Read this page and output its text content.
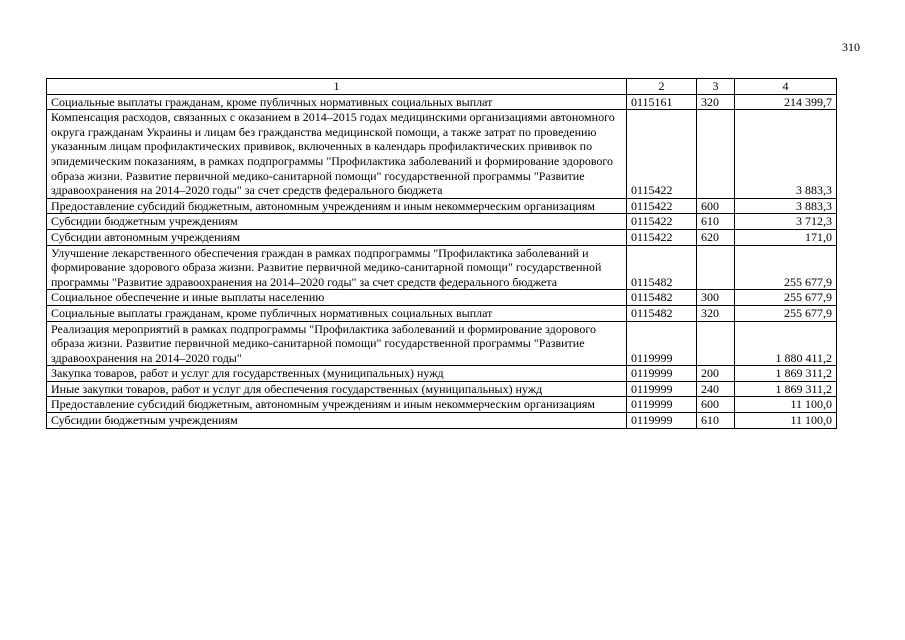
310
1	2	3	4
Социальные выплаты гражданам, кроме публичных нормативных социальных выплат	0115161	320	214 399,7
Компенсация расходов, связанных с оказанием в 2014–2015 годах медицинскими организациями автономного округа гражданам Украины и лицам без гражданства медицинской помощи, а также затрат по проведению указанным лицам профилактических прививок, включенных в календарь профилактических прививок по эпидемическим показаниям, в рамках подпрограммы "Профилактика заболеваний и формирование здорового образа жизни. Развитие первичной медико-санитарной помощи" государственной программы "Развитие здравоохранения на 2014–2020 годы" за счет средств федерального бюджета	0115422		3 883,3
Предоставление субсидий бюджетным, автономным учреждениям и иным некоммерческим организациям	0115422	600	3 883,3
Субсидии бюджетным учреждениям	0115422	610	3 712,3
Субсидии автономным учреждениям	0115422	620	171,0
Улучшение лекарственного обеспечения граждан в рамках подпрограммы "Профилактика заболеваний и формирование здорового образа жизни. Развитие первичной медико-санитарной помощи" государственной программы "Развитие здравоохранения на 2014–2020 годы" за счет средств федерального бюджета	0115482		255 677,9
Социальное обеспечение и иные выплаты населению	0115482	300	255 677,9
Социальные выплаты гражданам, кроме публичных нормативных социальных выплат	0115482	320	255 677,9
Реализация мероприятий в рамках подпрограммы "Профилактика заболеваний и формирование здорового образа жизни. Развитие первичной медико-санитарной помощи" государственной программы "Развитие здравоохранения на 2014–2020 годы"	0119999		1 880 411,2
Закупка товаров, работ и услуг для государственных (муниципальных) нужд	0119999	200	1 869 311,2
Иные закупки товаров, работ и услуг для обеспечения государственных (муниципальных) нужд	0119999	240	1 869 311,2
Предоставление субсидий бюджетным, автономным учреждениям и иным некоммерческим организациям	0119999	600	11 100,0
Субсидии бюджетным учреждениям	0119999	610	11 100,0
